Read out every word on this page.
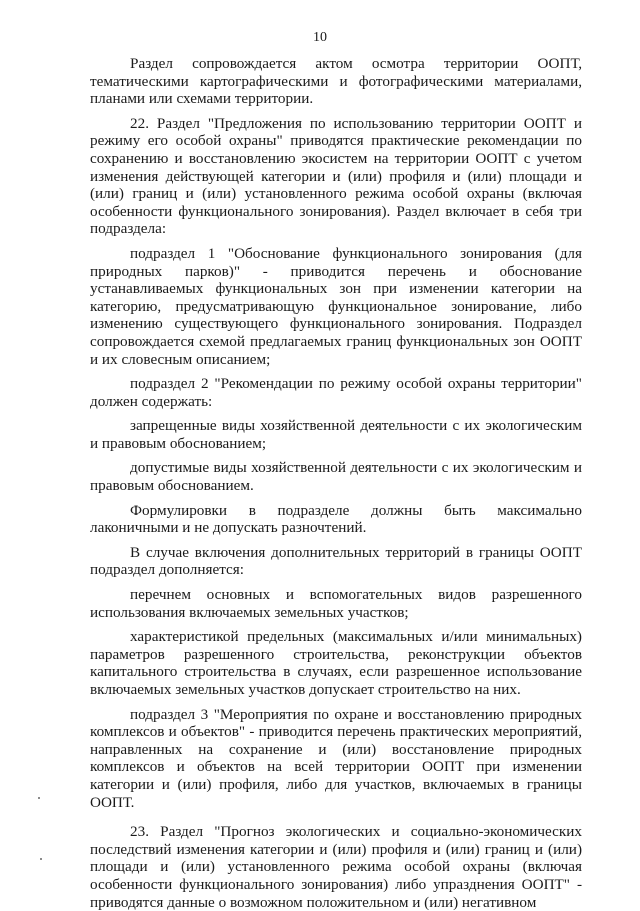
10

Раздел сопровождается актом осмотра территории ООПТ, тематическими картографическими и фотографическими материалами, планами или схемами территории.

22. Раздел "Предложения по использованию территории ООПТ и режиму его особой охраны" приводятся практические рекомендации по сохранению и восстановлению экосистем на территории ООПТ с учетом изменения действующей категории и (или) профиля и (или) площади и (или) границ и (или) установленного режима особой охраны (включая особенности функционального зонирования). Раздел включает в себя три подраздела:

подраздел 1 "Обоснование функционального зонирования (для природных парков)" - приводится перечень и обоснование устанавливаемых функциональных зон при изменении категории на категорию, предусматривающую функциональное зонирование, либо изменению существующего функционального зонирования. Подраздел сопровождается схемой предлагаемых границ функциональных зон ООПТ и их словесным описанием;

подраздел 2 "Рекомендации по режиму особой охраны территории" должен содержать:

запрещенные виды хозяйственной деятельности с их экологическим и правовым обоснованием;

допустимые виды хозяйственной деятельности с их экологическим и правовым обоснованием.

Формулировки в подразделе должны быть максимально лаконичными и не допускать разночтений.

В случае включения дополнительных территорий в границы ООПТ подраздел дополняется:

перечнем основных и вспомогательных видов разрешенного использования включаемых земельных участков;

характеристикой предельных (максимальных и/или минимальных) параметров разрешенного строительства, реконструкции объектов капитального строительства в случаях, если разрешенное использование включаемых земельных участков допускает строительство на них.

подраздел 3 "Мероприятия по охране и восстановлению природных комплексов и объектов" - приводится перечень практических мероприятий, направленных на сохранение и (или) восстановление природных комплексов и объектов на всей территории ООПТ при изменении категории и (или) профиля, либо для участков, включаемых в границы ООПТ.

23. Раздел "Прогноз экологических и социально-экономических последствий изменения категории и (или) профиля и (или) границ и (или) площади и (или) установленного режима особой охраны (включая особенности функционального зонирования) либо упразднения ООПТ" - приводятся данные о возможном положительном и (или) негативном
